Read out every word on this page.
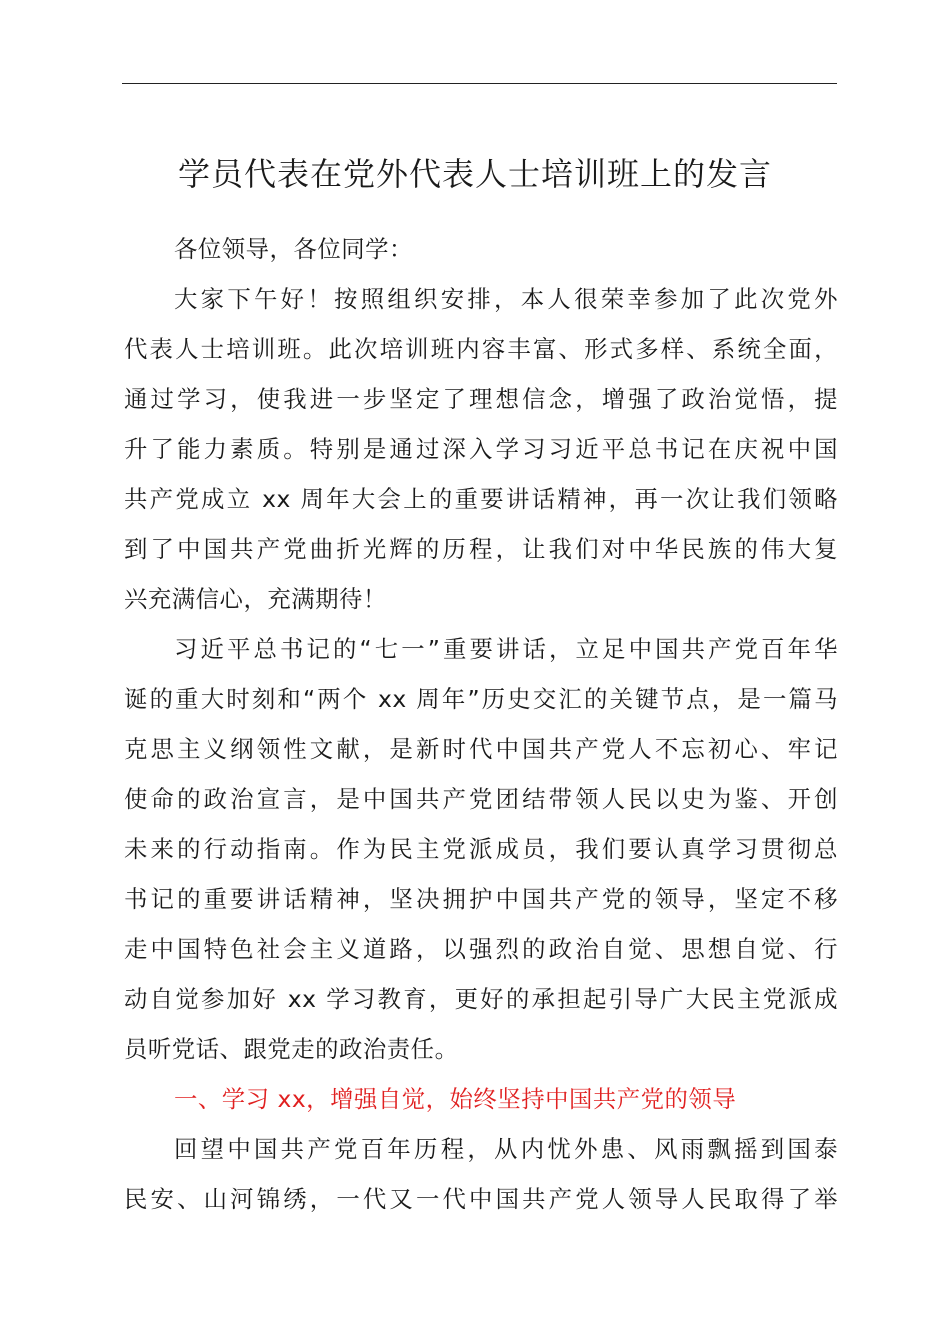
学员代表在党外代表人士培训班上的发言

各位领导，各位同学：

大家下午好！按照组织安排，本人很荣幸参加了此次党外
代表人士培训班。此次培训班内容丰富、形式多样、系统全面，
通过学习，使我进一步坚定了理想信念，增强了政治觉悟，提
升了能力素质。特别是通过深入学习习近平总书记在庆祝中国
共产党成立 xx 周年大会上的重要讲话精神，再一次让我们领略
到了中国共产党曲折光辉的历程，让我们对中华民族的伟大复
兴充满信心，充满期待！

习近平总书记的“七一”重要讲话，立足中国共产党百年华
诞的重大时刻和“两个 xx 周年”历史交汇的关键节点，是一篇马
克思主义纲领性文献，是新时代中国共产党人不忘初心、牢记
使命的政治宣言，是中国共产党团结带领人民以史为鉴、开创
未来的行动指南。作为民主党派成员，我们要认真学习贯彻总
书记的重要讲话精神，坚决拥护中国共产党的领导，坚定不移
走中国特色社会主义道路，以强烈的政治自觉、思想自觉、行
动自觉参加好 xx 学习教育，更好的承担起引导广大民主党派成
员听党话、跟党走的政治责任。

一、学习 xx，增强自觉，始终坚持中国共产党的领导

回望中国共产党百年历程，从内忧外患、风雨飘摇到国泰
民安、山河锦绣，一代又一代中国共产党人领导人民取得了举
